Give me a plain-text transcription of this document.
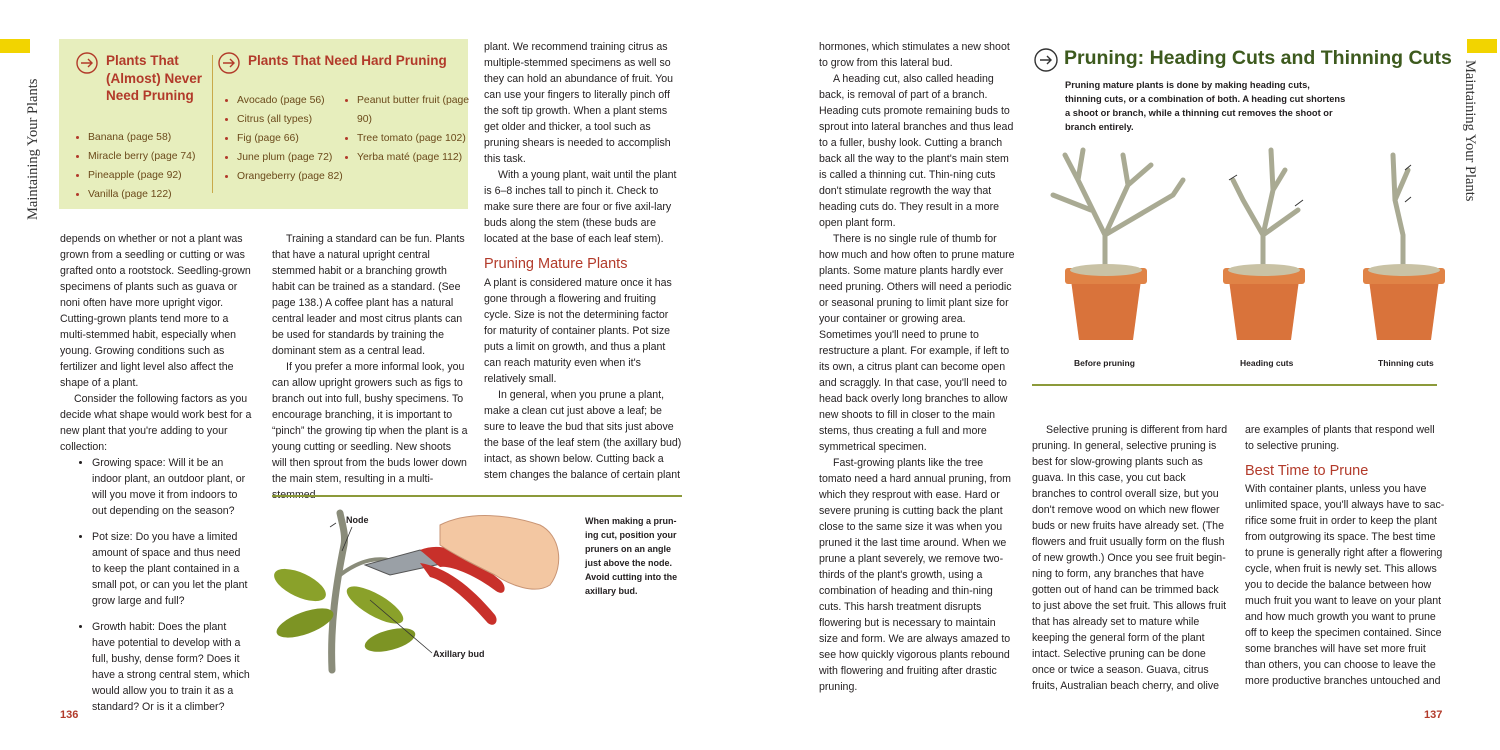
Maintaining Your Plants
Plants That (Almost) Never Need Pruning
• Banana (page 58)
• Miracle berry (page 74)
• Pineapple (page 92)
• Vanilla (page 122)
Plants That Need Hard Pruning
• Avocado (page 56)
• Citrus (all types)
• Fig (page 66)
• June plum (page 72)
• Orangeberry (page 82)
• Peanut butter fruit (page 90)
• Tree tomato (page 102)
• Yerba maté (page 112)

depends on whether or not a plant was grown from a seedling or cutting or was grafted onto a rootstock. Seedling-grown specimens of plants such as guava or noni often have more upright vigor. Cutting-grown plants tend more to a multi-stemmed habit, especially when young. Growing conditions such as fertilizer and light level also affect the shape of a plant.

Consider the following factors as you decide what shape would work best for a new plant that you're adding to your collection:

• Growing space: Will it be an indoor plant, an outdoor plant, or will you move it from indoors to out depending on the season?
• Pot size: Do you have a limited amount of space and thus need to keep the plant contained in a small pot, or can you let the plant grow large and full?
• Growth habit: Does the plant have potential to develop with a full, bushy, dense form? Does it have a strong central stem, which would allow you to train it as a standard? Or is it a climber?

Training a standard can be fun. Plants that have a natural upright central stemmed habit or a branching growth habit can be trained as a standard. (See page 138.) A coffee plant has a natural central leader and most citrus plants can be used for standards by training the dominant stem as a central lead.

If you prefer a more informal look, you can allow upright growers such as figs to branch out into full, bushy specimens. To encourage branching, it is important to “pinch” the growing tip when the plant is a young cutting or seedling. New shoots will then sprout from the buds lower down the main stem, resulting in a multi-

plant. We recommend training citrus as multiple-stemmed specimens as well so they can hold an abundance of fruit. You can use your fingers to literally pinch off the soft tip growth. When a plant stems get older and thicker, a tool such as pruning shears is needed to accomplish this task.

With a young plant, wait until the plant is 6–8 inches tall to pinch it. Check to make sure there are four or five axil-lary buds along the stem (these buds are located at the base of each leaf stem).

Pruning Mature Plants

A plant is considered mature once it has gone through a flowering and fruiting cycle. Size is not the determining factor for maturity of container plants. Pot size puts a limit on growth, and thus a plant can reach maturity even when it's relatively small.

In general, when you prune a plant, make a clean cut just above a leaf; be sure to leave the bud that sits just above the base of the leaf stem (the axillary bud) intact, as shown below. Cutting back a stem changes the balance of certain plant

Node
Axillary bud
When making a prun-ing cut, position your pruners on an angle just above the node. Avoid cutting into the axillary bud.
136
Maintaining Your Plants

hormones, which stimulates a new shoot to grow from this lateral bud.

A heading cut, also called heading back, is removal of part of a branch. Heading cuts promote remaining buds to sprout into lateral branches and thus lead to a fuller, bushy look. Cutting a branch back all the way to the plant's main stem is called a thinning cut. Thin-ning cuts don't stimulate regrowth the way that heading cuts do. They result in a more open plant form.

There is no single rule of thumb for how much and how often to prune mature plants. Some mature plants hardly ever need pruning. Others will need a periodic or seasonal pruning to limit plant size for your container or growing area. Sometimes you'll need to prune to restructure a plant. For example, if left to its own, a citrus plant can become open and scraggly. In that case, you'll need to head back overly long branches to allow new shoots to fill in closer to the main stems, thus creating a full and more symmetrical specimen.

Fast-growing plants like the tree tomato need a hard annual pruning, from which they resprout with ease. Hard or severe pruning is cutting back the plant close to the same size it was when you pruned it the last time around. When we prune a plant severely, we remove two-thirds of the plant's growth, using a combination of heading and thin-ning cuts. This harsh treatment disrupts flowering but is necessary to maintain size and form. We are always amazed to see how quickly vigorous plants rebound with flowering and fruiting after drastic pruning.

Pruning: Heading Cuts and Thinning Cuts
Pruning mature plants is done by making heading cuts, thinning cuts, or a combination of both. A heading cut shortens a shoot or branch, while a thinning cut removes the shoot or branch entirely.
Before pruning	Heading cuts	Thinning cuts

Selective pruning is different from hard pruning. In general, selective pruning is best for slow-growing plants such as guava. In this case, you cut back branches to control overall size, but you don't remove wood on which new flower buds or new fruits have already set. (The flowers and fruit usually form on the flush of new growth.) Once you see fruit begin-ning to form, any branches that have gotten out of hand can be trimmed back to just above the set fruit. This allows fruit that has already set to mature while keeping the general form of the plant intact. Selective pruning can be done once or twice a season. Guava, citrus fruits, Australian beach cherry, and olive

are examples of plants that respond well to selective pruning.

Best Time to Prune

With container plants, unless you have unlimited space, you'll always have to sac-rifice some fruit in order to keep the plant from outgrowing its space. The best time to prune is generally right after a flowering cycle, when fruit is newly set. This allows you to decide the balance between how much fruit you want to leave on your plant and how much growth you want to prune off to keep the specimen contained. Since some branches will have set more fruit than others, you can choose to leave the more productive branches untouched and

137
